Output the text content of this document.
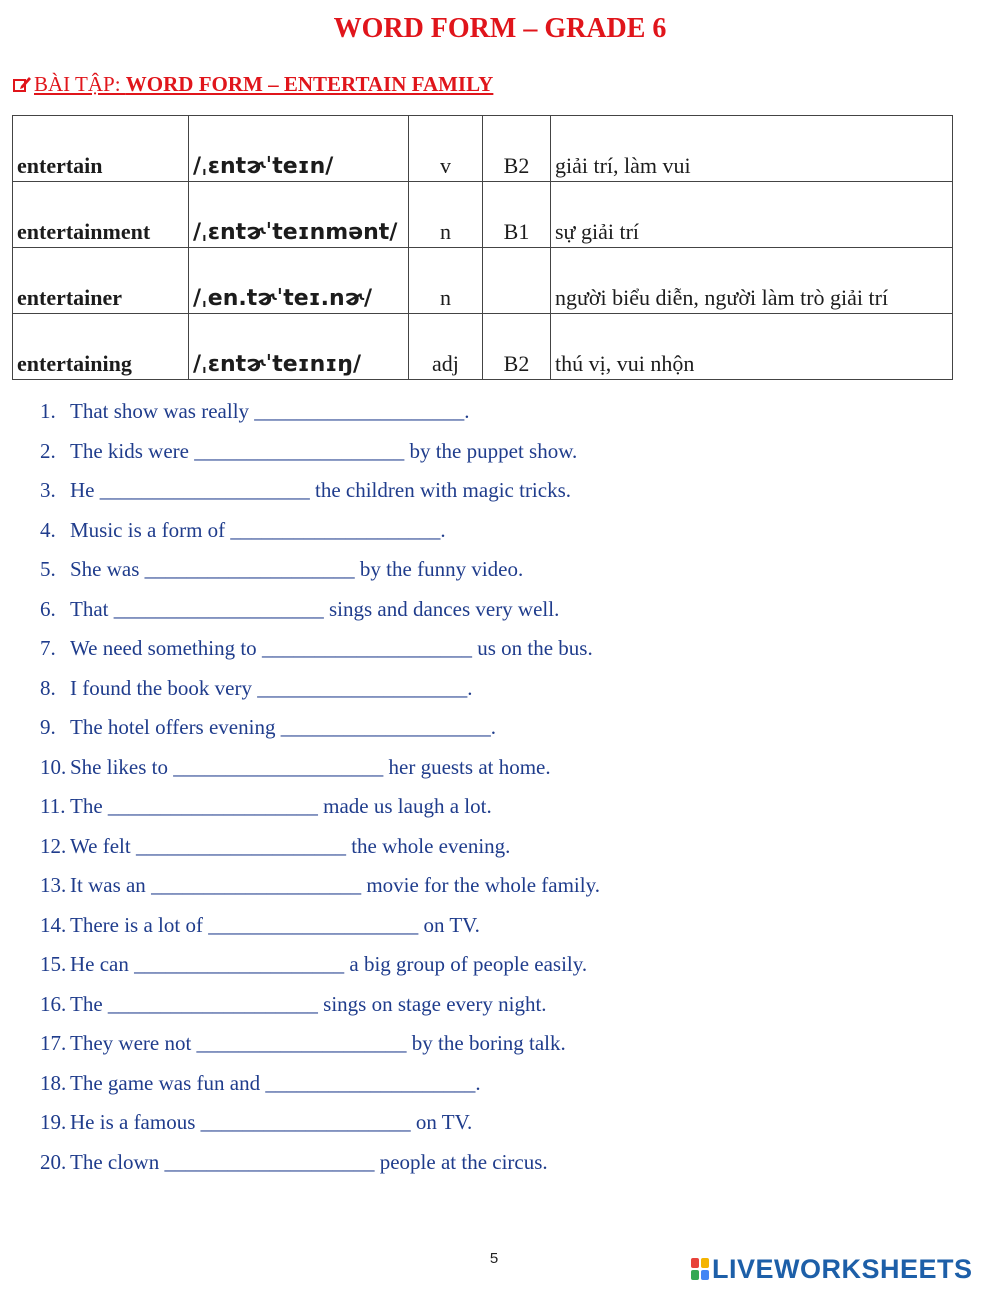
WORD FORM – GRADE 6
BÀI TẬP: WORD FORM – ENTERTAIN FAMILY
entertain	/ˌɛntɚˈteɪn/	v	B2	giải trí, làm vui
entertainment	/ˌɛntɚˈteɪnmənt/	n	B1	sự giải trí
entertainer	/ˌen.tɚˈteɪ.nɚ/	n		người biểu diễn, người làm trò giải trí
entertaining	/ˌɛntɚˈteɪnɪŋ/	adj	B2	thú vị, vui nhộn
1. That show was really ____________________.
2. The kids were ____________________ by the puppet show.
3. He ____________________ the children with magic tricks.
4. Music is a form of ____________________.
5. She was ____________________ by the funny video.
6. That ____________________ sings and dances very well.
7. We need something to ____________________ us on the bus.
8. I found the book very ____________________.
9. The hotel offers evening ____________________.
10. She likes to ____________________ her guests at home.
11. The ____________________ made us laugh a lot.
12. We felt ____________________ the whole evening.
13. It was an ____________________ movie for the whole family.
14. There is a lot of ____________________ on TV.
15. He can ____________________ a big group of people easily.
16. The ____________________ sings on stage every night.
17. They were not ____________________ by the boring talk.
18. The game was fun and ____________________.
19. He is a famous ____________________ on TV.
20. The clown ____________________ people at the circus.
5	LIVEWORKSHEETS
